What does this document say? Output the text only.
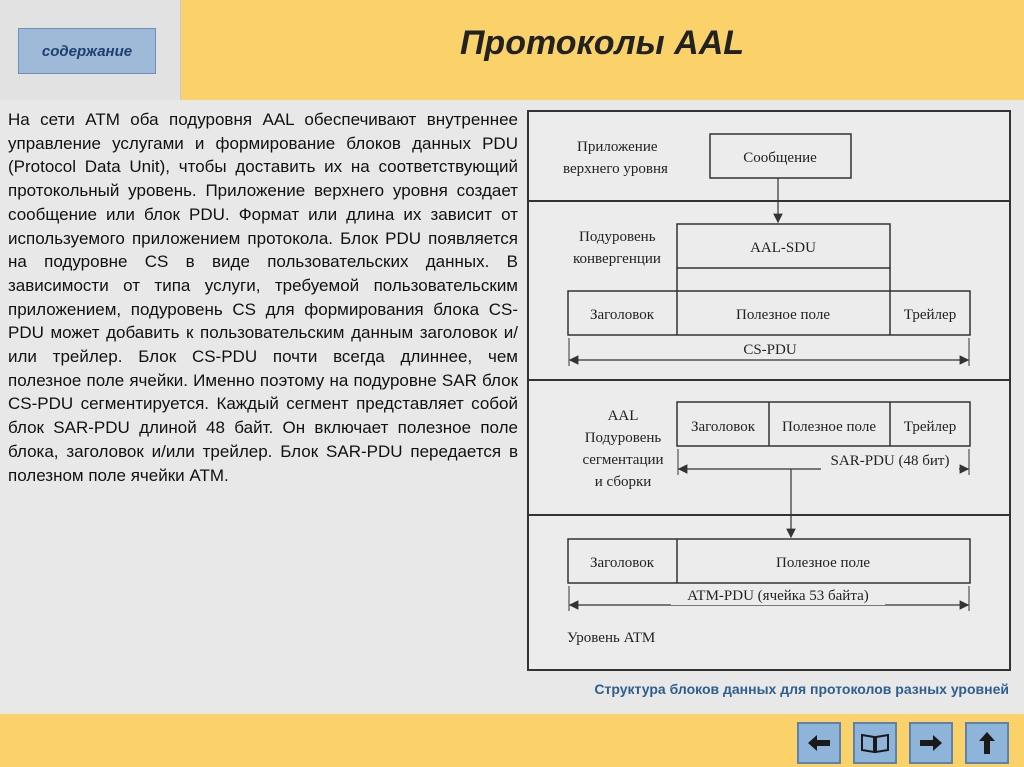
содержание	Протоколы AAL

На сети ATM оба подуровня AAL обеспечивают внутреннее управление услугами и формирование блоков данных PDU (Protocol Data Unit), чтобы доставить их на соответствующий протокольный уровень. Приложение верхнего уровня создает сообщение или блок PDU. Формат или длина их зависит от используемого приложением протокола. Блок PDU появляется на подуровне CS в виде пользовательских данных. В зависимости от типа услуги, требуемой пользовательским приложением, подуровень CS для формирования блока CS-PDU может добавить к пользовательским данным заголовок и/или трейлер. Блок CS-PDU почти всегда длиннее, чем полезное поле ячейки. Именно поэтому на подуровне SAR блок CS-PDU сегментируется. Каждый сегмент представляет собой блок SAR-PDU длиной 48 байт. Он включает полезное поле блока, заголовок и/или трейлер. Блок SAR-PDU передается в полезном поле ячейки ATM.

Приложение
верхнего уровня
Сообщение
Подуровень
конвергенции
AAL-SDU
Заголовок	Полезное поле	Трейлер
CS-PDU
AAL
Подуровень
сегментации
и сборки
Заголовок Полезное поле Трейлер
SAR-PDU (48 бит)
Заголовок	Полезное поле
ATM-PDU (ячейка 53 байта)
Уровень ATM

Структура блоков данных для протоколов разных уровней
